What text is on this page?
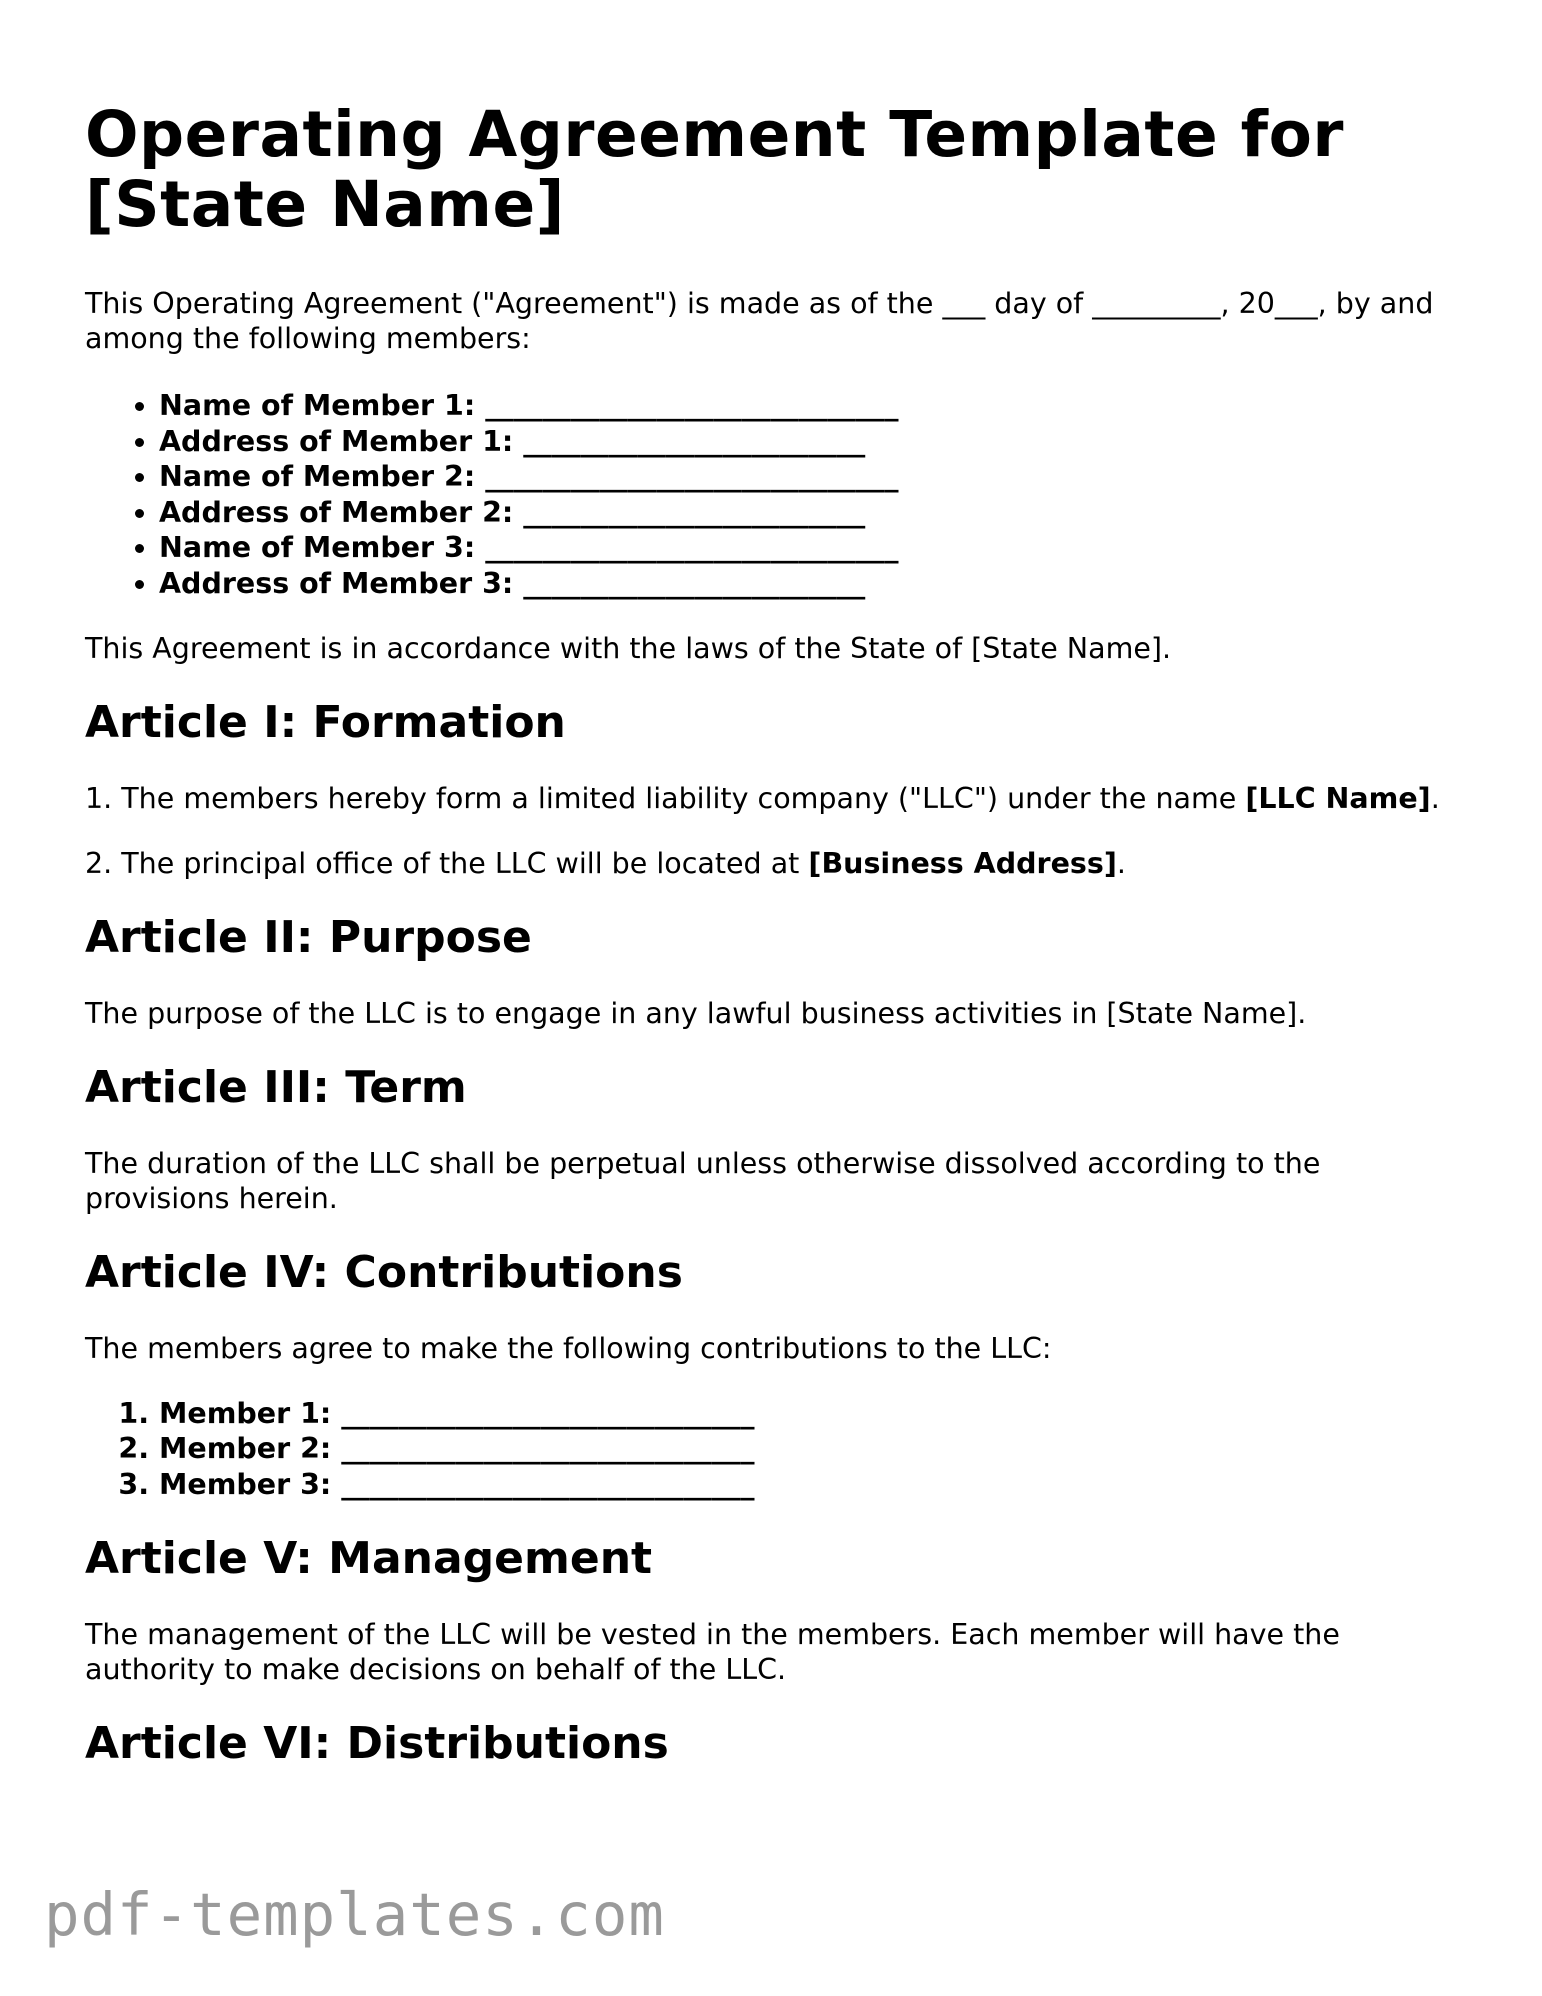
Operating Agreement Template for [State Name]

This Operating Agreement ("Agreement") is made as of the ___ day of _________, 20___, by and among the following members:

• Name of Member 1: _____________________________
• Address of Member 1: ________________________
• Name of Member 2: _____________________________
• Address of Member 2: ________________________
• Name of Member 3: _____________________________
• Address of Member 3: ________________________

This Agreement is in accordance with the laws of the State of [State Name].

Article I: Formation

1. The members hereby form a limited liability company ("LLC") under the name [LLC Name].

2. The principal office of the LLC will be located at [Business Address].

Article II: Purpose

The purpose of the LLC is to engage in any lawful business activities in [State Name].

Article III: Term

The duration of the LLC shall be perpetual unless otherwise dissolved according to the provisions herein.

Article IV: Contributions

The members agree to make the following contributions to the LLC:

1. Member 1: _____________________________
2. Member 2: _____________________________
3. Member 3: _____________________________
Article V: Management

The management of the LLC will be vested in the members. Each member will have the authority to make decisions on behalf of the LLC.

Article VI: Distributions
pdf-templates.com
